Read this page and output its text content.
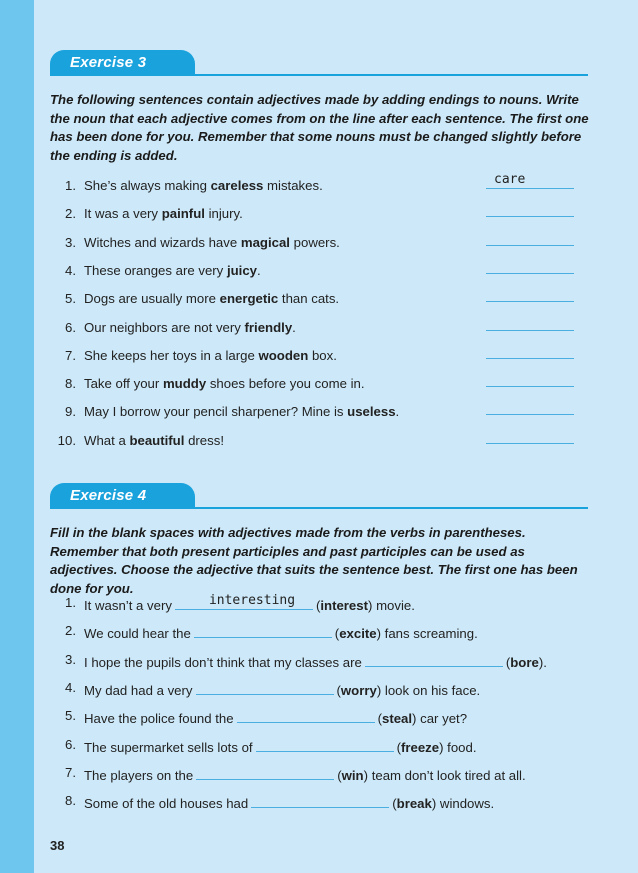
Exercise 3
The following sentences contain adjectives made by adding endings to nouns. Write the noun that each adjective comes from on the line after each sentence. The first one has been done for you. Remember that some nouns must be changed slightly before the ending is added.
1. She’s always making careless mistakes.	care
2. It was a very painful injury.
3. Witches and wizards have magical powers.
4. These oranges are very juicy.
5. Dogs are usually more energetic than cats.
6. Our neighbors are not very friendly.
7. She keeps her toys in a large wooden box.
8. Take off your muddy shoes before you come in.
9. May I borrow your pencil sharpener? Mine is useless.
10. What a beautiful dress!
Exercise 4
Fill in the blank spaces with adjectives made from the verbs in parentheses. Remember that both present participles and past participles can be used as adjectives. Choose the adjective that suits the sentence best. The first one has been done for you.
1. It wasn’t a very	interesting (interest) movie.
2. We could hear the	(excite) fans screaming.
3. I hope the pupils don’t think that my classes are	(bore).
4. My dad had a very	(worry) look on his face.
5. Have the police found the	(steal) car yet?
6. The supermarket sells lots of	(freeze) food.
7. The players on the	(win) team don’t look tired at all.
8. Some of the old houses had	(break) windows.
38
